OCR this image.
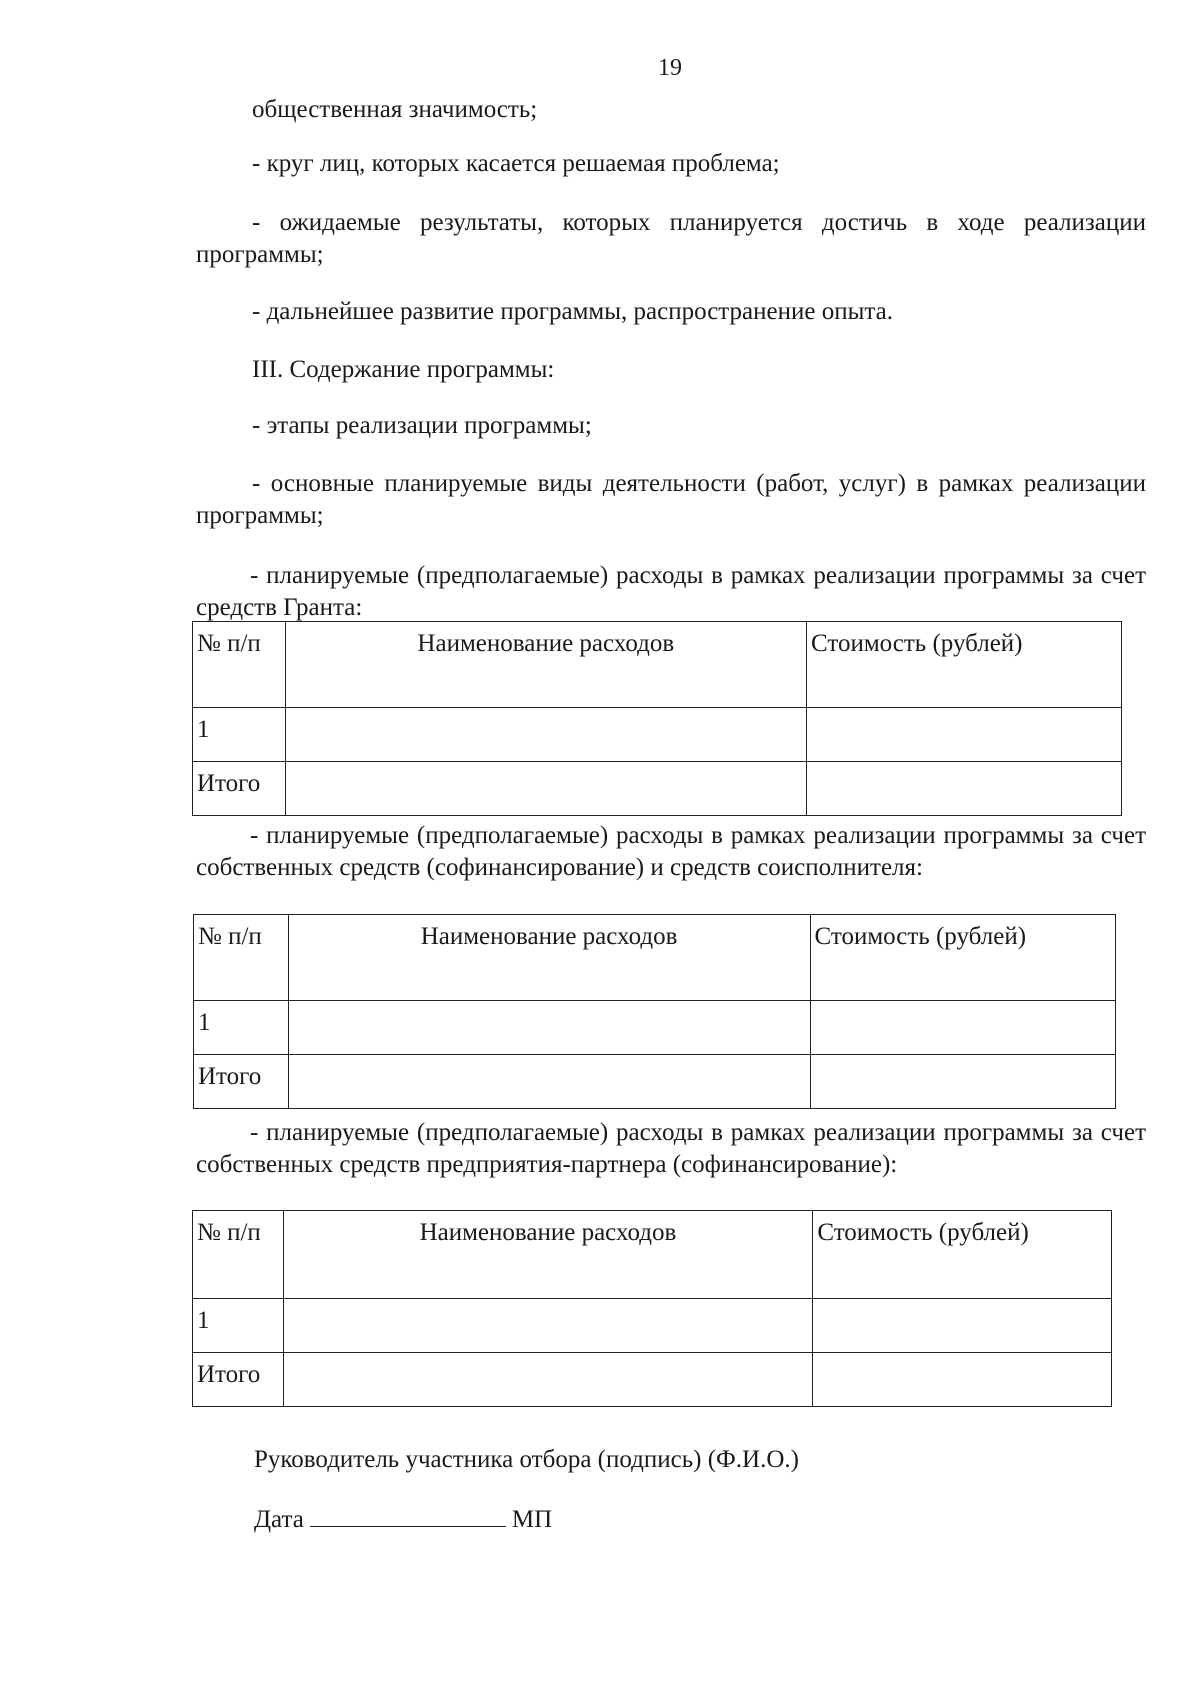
19
общественная значимость;
- круг лиц, которых касается решаемая проблема;
- ожидаемые результаты, которых планируется достичь в ходе реализации программы;
- дальнейшее развитие программы, распространение опыта.
III. Содержание программы:
- этапы реализации программы;
- основные планируемые виды деятельности (работ, услуг) в рамках реализации программы;
- планируемые (предполагаемые) расходы в рамках реализации программы за счет средств Гранта:
№ п/п	Наименование расходов	Стоимость (рублей)
1		
Итого		
- планируемые (предполагаемые) расходы в рамках реализации программы за счет собственных средств (софинансирование) и средств соисполнителя:
№ п/п	Наименование расходов	Стоимость (рублей)
1		
Итого		
- планируемые (предполагаемые) расходы в рамках реализации программы за счет собственных средств предприятия-партнера (софинансирование):
№ п/п	Наименование расходов	Стоимость (рублей)
1		
Итого		
Руководитель участника отбора (подпись) (Ф.И.О.)
Дата	МП
